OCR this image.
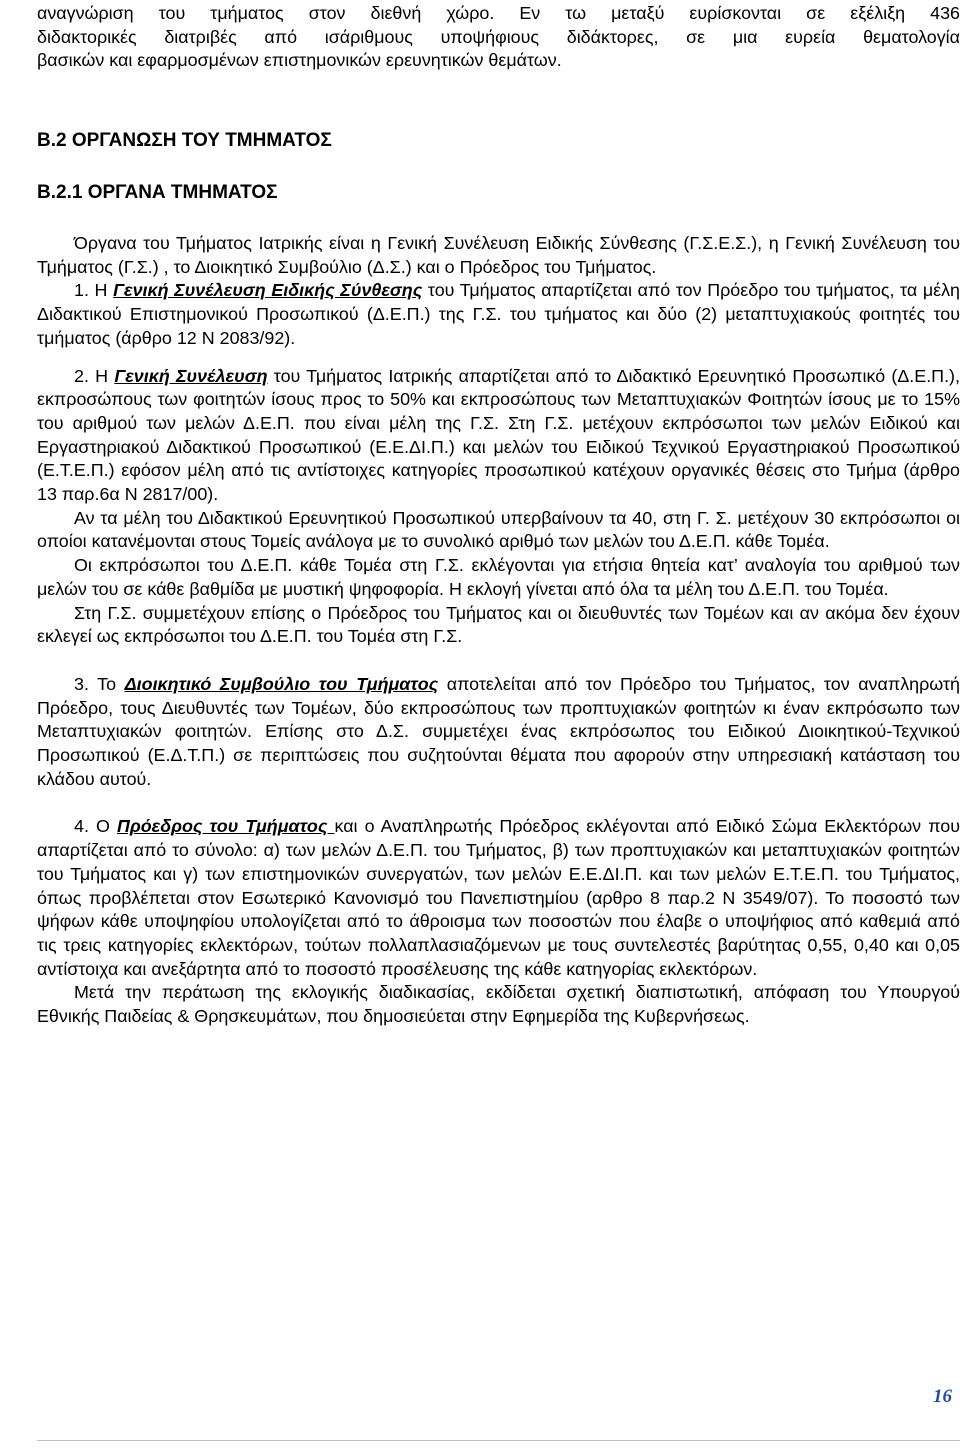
αναγνώριση του τμήματος στον διεθνή χώρο. Εν τω μεταξύ ευρίσκονται σε εξέλιξη 436

διδακτορικές διατριβές από ισάριθμους υποψήφιους διδάκτορες, σε μια ευρεία θεματολογία

βασικών και εφαρμοσμένων επιστημονικών ερευνητικών θεμάτων.

Β.2 ΟΡΓΑΝΩΣΗ ΤΟΥ ΤΜΗΜΑΤΟΣ
Β.2.1 ΟΡΓΑΝΑ ΤΜΗΜΑΤΟΣ

Όργανα του Τμήματος Ιατρικής είναι η Γενική Συνέλευση Ειδικής Σύνθεσης (Γ.Σ.Ε.Σ.), η Γενική Συνέλευση του Τμήματος (Γ.Σ.) , το Διοικητικό Συμβούλιο (Δ.Σ.) και ο Πρόεδρος του Τμήματος.

1. Η Γενική Συνέλευση Ειδικής Σύνθεσης του Τμήματος απαρτίζεται από τον Πρόεδρο του τμήματος, τα μέλη Διδακτικού Επιστημονικού Προσωπικού (Δ.Ε.Π.) της Γ.Σ. του τμήματος και δύο (2) μεταπτυχιακούς φοιτητές του τμήματος (άρθρο 12 Ν 2083/92).

2. Η Γενική Συνέλευση του Τμήματος Ιατρικής απαρτίζεται από το Διδακτικό Ερευνητικό Προσωπικό (Δ.Ε.Π.), εκπροσώπους των φοιτητών ίσους προς το 50% και εκπροσώπους των Μεταπτυχιακών Φοιτητών ίσους με το 15% του αριθμού των μελών Δ.Ε.Π. που είναι μέλη της Γ.Σ. Στη Γ.Σ. μετέχουν εκπρόσωποι των μελών Ειδικού και Εργαστηριακού Διδακτικού Προσωπικού (Ε.Ε.ΔΙ.Π.) και μελών του Ειδικού Τεχνικού Εργαστηριακού Προσωπικού (Ε.Τ.Ε.Π.) εφόσον μέλη από τις αντίστοιχες κατηγορίες προσωπικού κατέχουν οργανικές θέσεις στο Τμήμα (άρθρο 13 παρ.6α Ν 2817/00).

Αν τα μέλη του Διδακτικού Ερευνητικού Προσωπικού υπερβαίνουν τα 40, στη Γ. Σ. μετέχουν 30 εκπρόσωποι οι οποίοι κατανέμονται στους Τομείς ανάλογα με το συνολικό αριθμό των μελών του Δ.Ε.Π. κάθε Τομέα.

Οι εκπρόσωποι του Δ.Ε.Π. κάθε Τομέα στη Γ.Σ. εκλέγονται για ετήσια θητεία κατ’ αναλογία του αριθμού των μελών του σε κάθε βαθμίδα με μυστική ψηφοφορία. Η εκλογή γίνεται από όλα τα μέλη του Δ.Ε.Π. του Τομέα.

Στη Γ.Σ. συμμετέχουν επίσης ο Πρόεδρος του Τμήματος και οι διευθυντές των Τομέων και αν ακόμα δεν έχουν εκλεγεί ως εκπρόσωποι του Δ.Ε.Π. του Τομέα στη Γ.Σ.

3. Το Διοικητικό Συμβούλιο του Τμήματος αποτελείται από τον Πρόεδρο του Τμήματος, τον αναπληρωτή Πρόεδρο, τους Διευθυντές των Τομέων, δύο εκπροσώπους των προπτυχιακών φοιτητών κι έναν εκπρόσωπο των Μεταπτυχιακών φοιτητών. Επίσης στο Δ.Σ. συμμετέχει ένας εκπρόσωπος του Ειδικού Διοικητικού-Τεχνικού Προσωπικού (Ε.Δ.Τ.Π.) σε περιπτώσεις που συζητούνται θέματα που αφορούν στην υπηρεσιακή κατάσταση του κλάδου αυτού.

4. Ο Πρόεδρος του Τμήματος και ο Αναπληρωτής Πρόεδρος εκλέγονται από Ειδικό Σώμα Εκλεκτόρων που απαρτίζεται από το σύνολο: α) των μελών Δ.Ε.Π. του Τμήματος, β) των προπτυχιακών και μεταπτυχιακών φοιτητών του Τμήματος και γ) των επιστημονικών συνεργατών, των μελών Ε.Ε.ΔΙ.Π. και των μελών Ε.Τ.Ε.Π. του Τμήματος, όπως προβλέπεται στον Εσωτερικό Κανονισμό του Πανεπιστημίου (αρθρο 8 παρ.2 Ν 3549/07). Το ποσοστό των ψήφων κάθε υποψηφίου υπολογίζεται από το άθροισμα των ποσοστών που έλαβε ο υποψήφιος από καθεμιά από τις τρεις κατηγορίες εκλεκτόρων, τούτων πολλαπλασιαζόμενων με τους συντελεστές βαρύτητας 0,55, 0,40 και 0,05 αντίστοιχα και ανεξάρτητα από το ποσοστό προσέλευσης της κάθε κατηγορίας εκλεκτόρων.

Μετά την περάτωση της εκλογικής διαδικασίας, εκδίδεται σχετική διαπιστωτική, απόφαση του Υπουργού Εθνικής Παιδείας & Θρησκευμάτων, που δημοσιεύεται στην Εφημερίδα της Κυβερνήσεως.

16
